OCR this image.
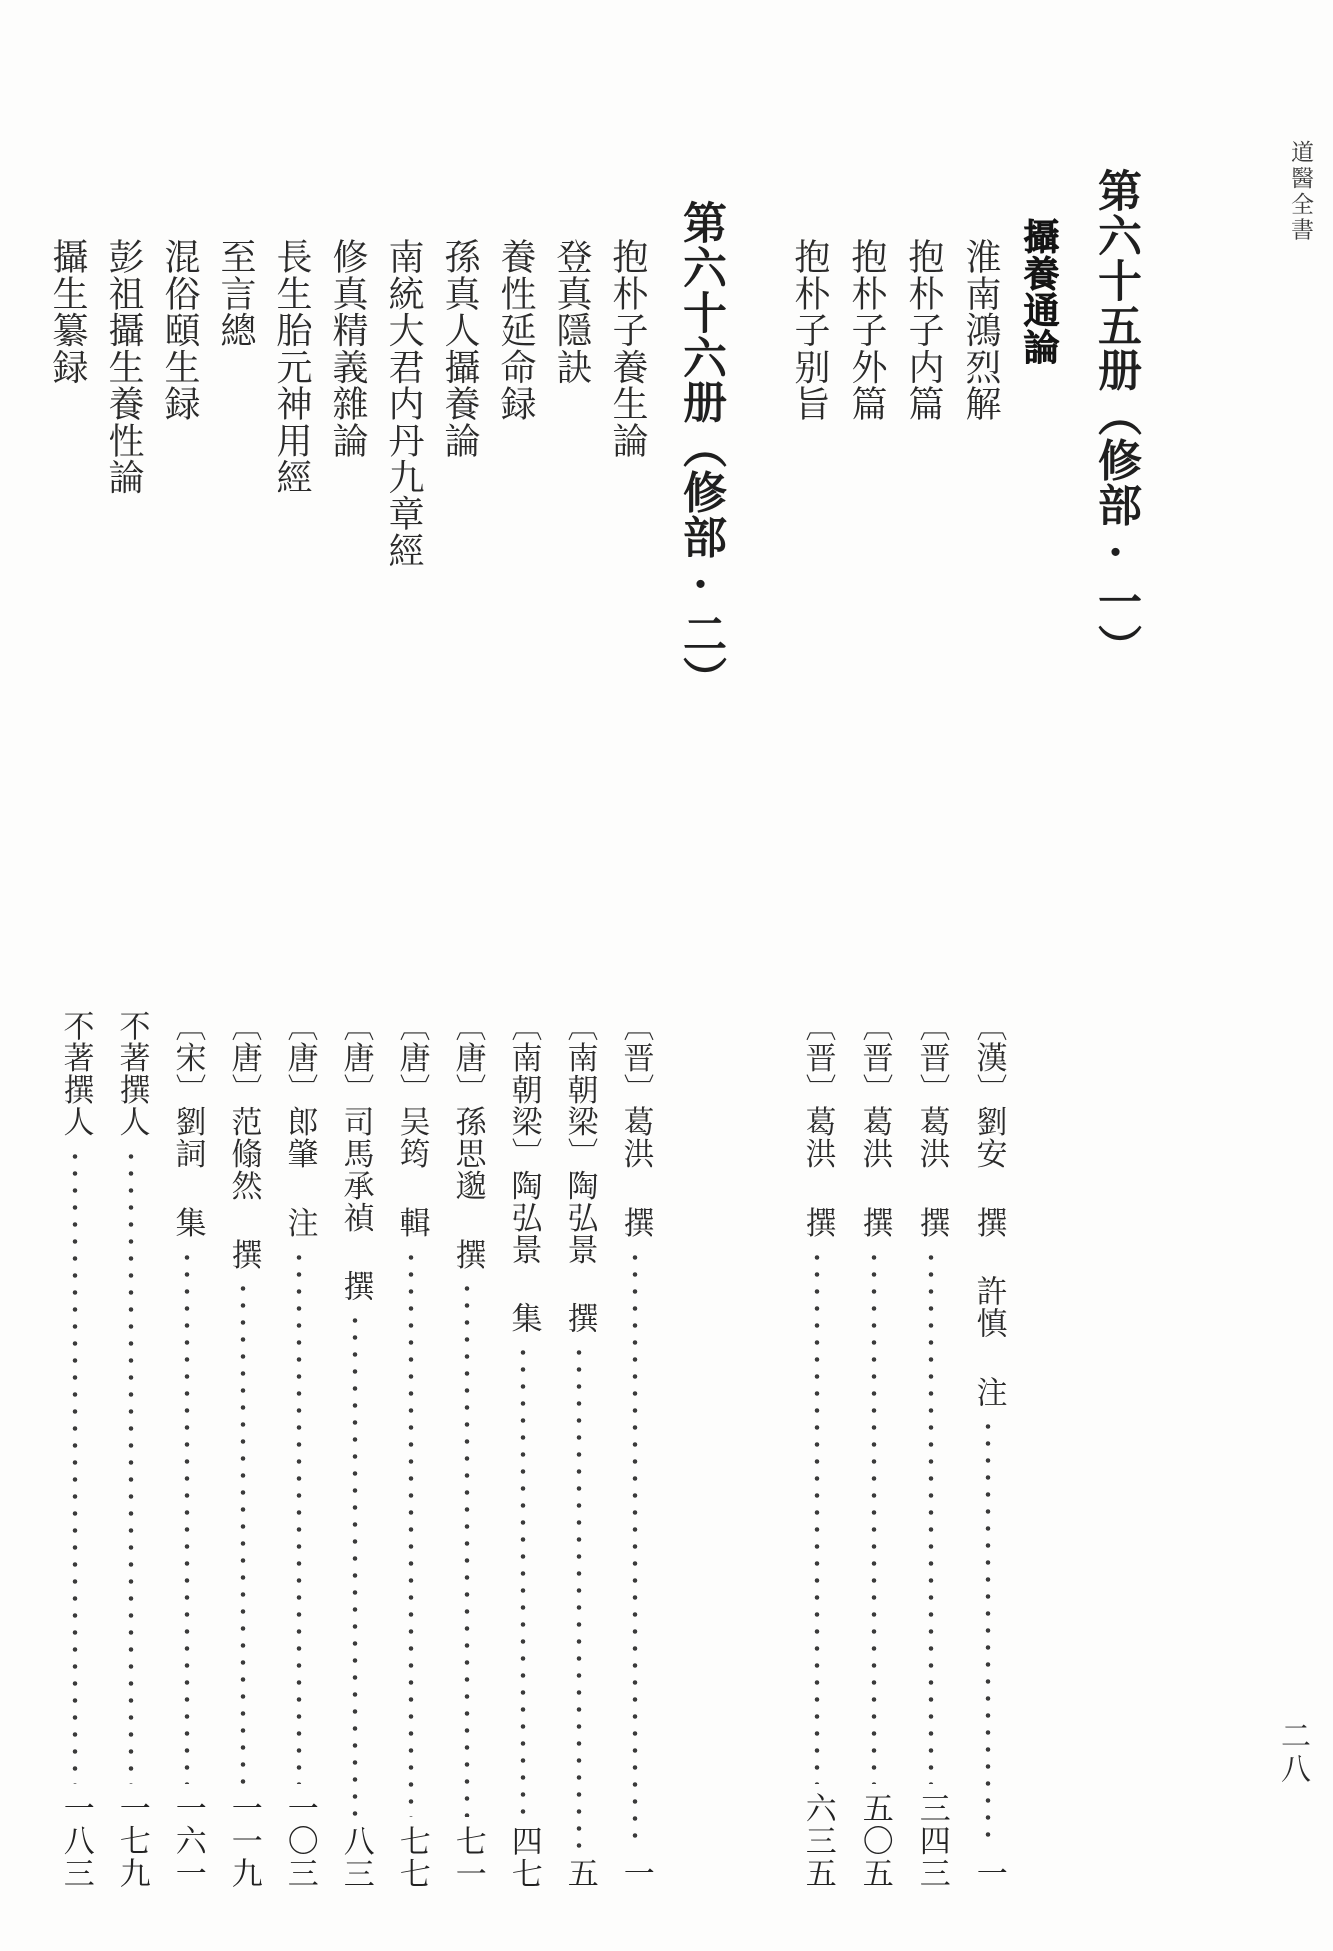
道醫全書
二八
第六十五册（修部·一）
攝養通論
淮南鴻烈解
抱朴子内篇
抱朴子外篇
抱朴子别旨
第六十六册（修部·二）
抱朴子養生論
登真隱訣
養性延命録
孫真人攝養論
南統大君内丹九章經
修真精義雜論
長生胎元神用經
至言總
混俗頤生録
彭祖攝生養性論
攝生纂録
〔漢〕劉安 撰 許慎 注
一
〔晋〕葛洪 撰
三四三
〔晋〕葛洪 撰
五〇五
〔晋〕葛洪 撰
六三五
〔晋〕葛洪 撰
一
〔南朝梁〕陶弘景 撰
五
〔南朝梁〕陶弘景 集
四七
〔唐〕孫思邈 撰
七一
〔唐〕吴筠 輯
七七
〔唐〕司馬承禎 撰
八三
〔唐〕郎肇 注
一〇三
〔唐〕范翛然 撰
一一九
〔宋〕劉詞 集
一六一
不著撰人
一七九
不著撰人
一八三
